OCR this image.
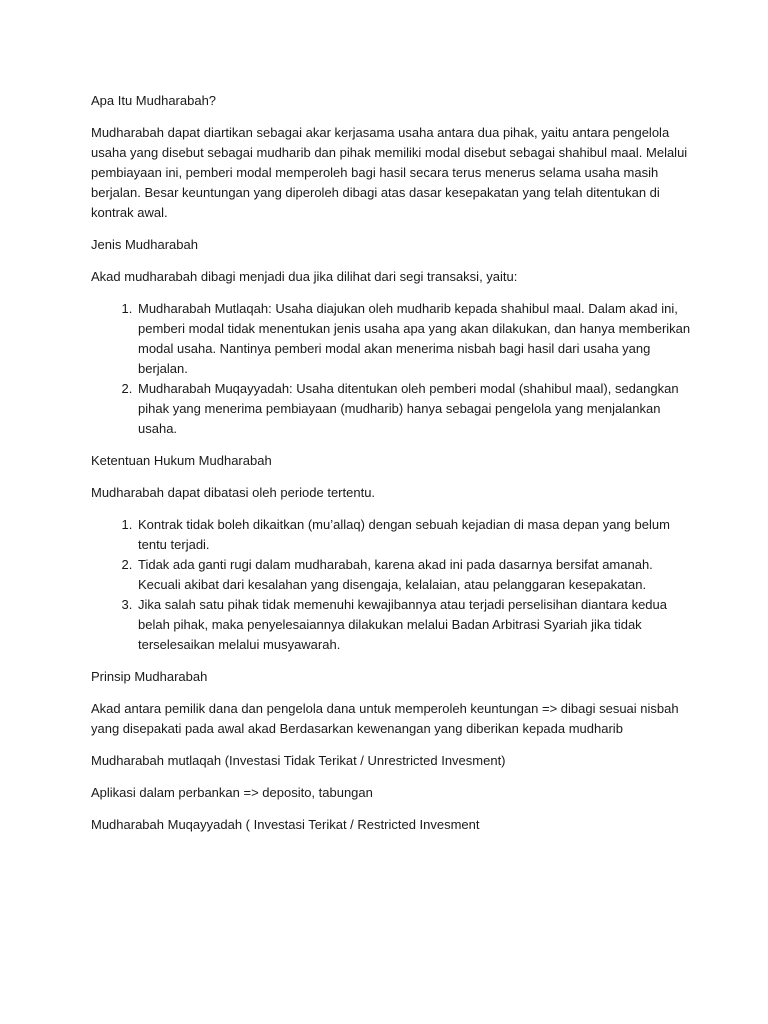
Apa Itu Mudharabah?

Mudharabah dapat diartikan sebagai akar kerjasama usaha antara dua pihak, yaitu antara pengelola usaha yang disebut sebagai mudharib dan pihak memiliki modal disebut sebagai shahibul maal. Melalui pembiayaan ini, pemberi modal memperoleh bagi hasil secara terus menerus selama usaha masih berjalan. Besar keuntungan yang diperoleh dibagi atas dasar kesepakatan yang telah ditentukan di kontrak awal.

Jenis Mudharabah

Akad mudharabah dibagi menjadi dua jika dilihat dari segi transaksi, yaitu:

1. Mudharabah Mutlaqah: Usaha diajukan oleh mudharib kepada shahibul maal. Dalam akad ini, pemberi modal tidak menentukan jenis usaha apa yang akan dilakukan, dan hanya memberikan modal usaha. Nantinya pemberi modal akan menerima nisbah bagi hasil dari usaha yang berjalan.
2. Mudharabah Muqayyadah: Usaha ditentukan oleh pemberi modal (shahibul maal), sedangkan pihak yang menerima pembiayaan (mudharib) hanya sebagai pengelola yang menjalankan usaha.

Ketentuan Hukum Mudharabah

Mudharabah dapat dibatasi oleh periode tertentu.

1. Kontrak tidak boleh dikaitkan (mu’allaq) dengan sebuah kejadian di masa depan yang belum tentu terjadi.
2. Tidak ada ganti rugi dalam mudharabah, karena akad ini pada dasarnya bersifat amanah. Kecuali akibat dari kesalahan yang disengaja, kelalaian, atau pelanggaran kesepakatan.
3. Jika salah satu pihak tidak memenuhi kewajibannya atau terjadi perselisihan diantara kedua belah pihak, maka penyelesaiannya dilakukan melalui Badan Arbitrasi Syariah jika tidak terselesaikan melalui musyawarah.

Prinsip Mudharabah

Akad antara pemilik dana dan pengelola dana untuk memperoleh keuntungan => dibagi sesuai nisbah yang disepakati pada awal akad Berdasarkan kewenangan yang diberikan kepada mudharib

Mudharabah mutlaqah (Investasi Tidak Terikat / Unrestricted Invesment)

Aplikasi dalam perbankan => deposito, tabungan

Mudharabah Muqayyadah ( Investasi Terikat / Restricted Invesment
